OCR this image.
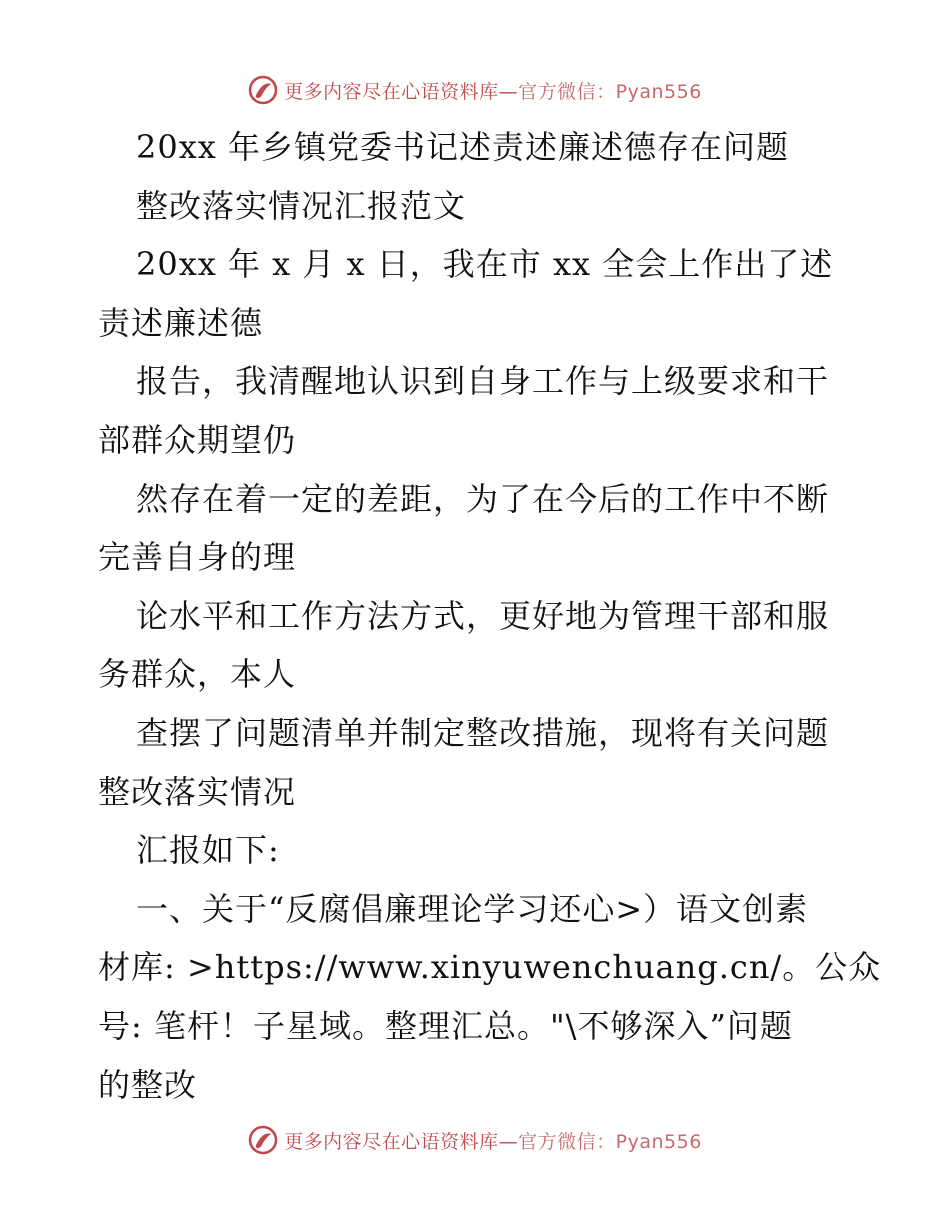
更多内容尽在心语资料库—官方微信：Pyan556
20xx 年乡镇党委书记述责述廉述德存在问题
整改落实情况汇报范文
20xx 年 x 月 x 日，我在市 xx 全会上作出了述
责述廉述德
报告，我清醒地认识到自身工作与上级要求和干
部群众期望仍
然存在着一定的差距，为了在今后的工作中不断
完善自身的理
论水平和工作方法方式，更好地为管理干部和服
务群众，本人
查摆了问题清单并制定整改措施，现将有关问题
整改落实情况
汇报如下:
一、关于“反腐倡廉理论学习还心>）语文创素
材库: >https://www.xinyuwenchuang.cn/。公众
号: 笔杆！子星域。整理汇总。"\不够深入”问题
的整改
更多内容尽在心语资料库—官方微信：Pyan556
